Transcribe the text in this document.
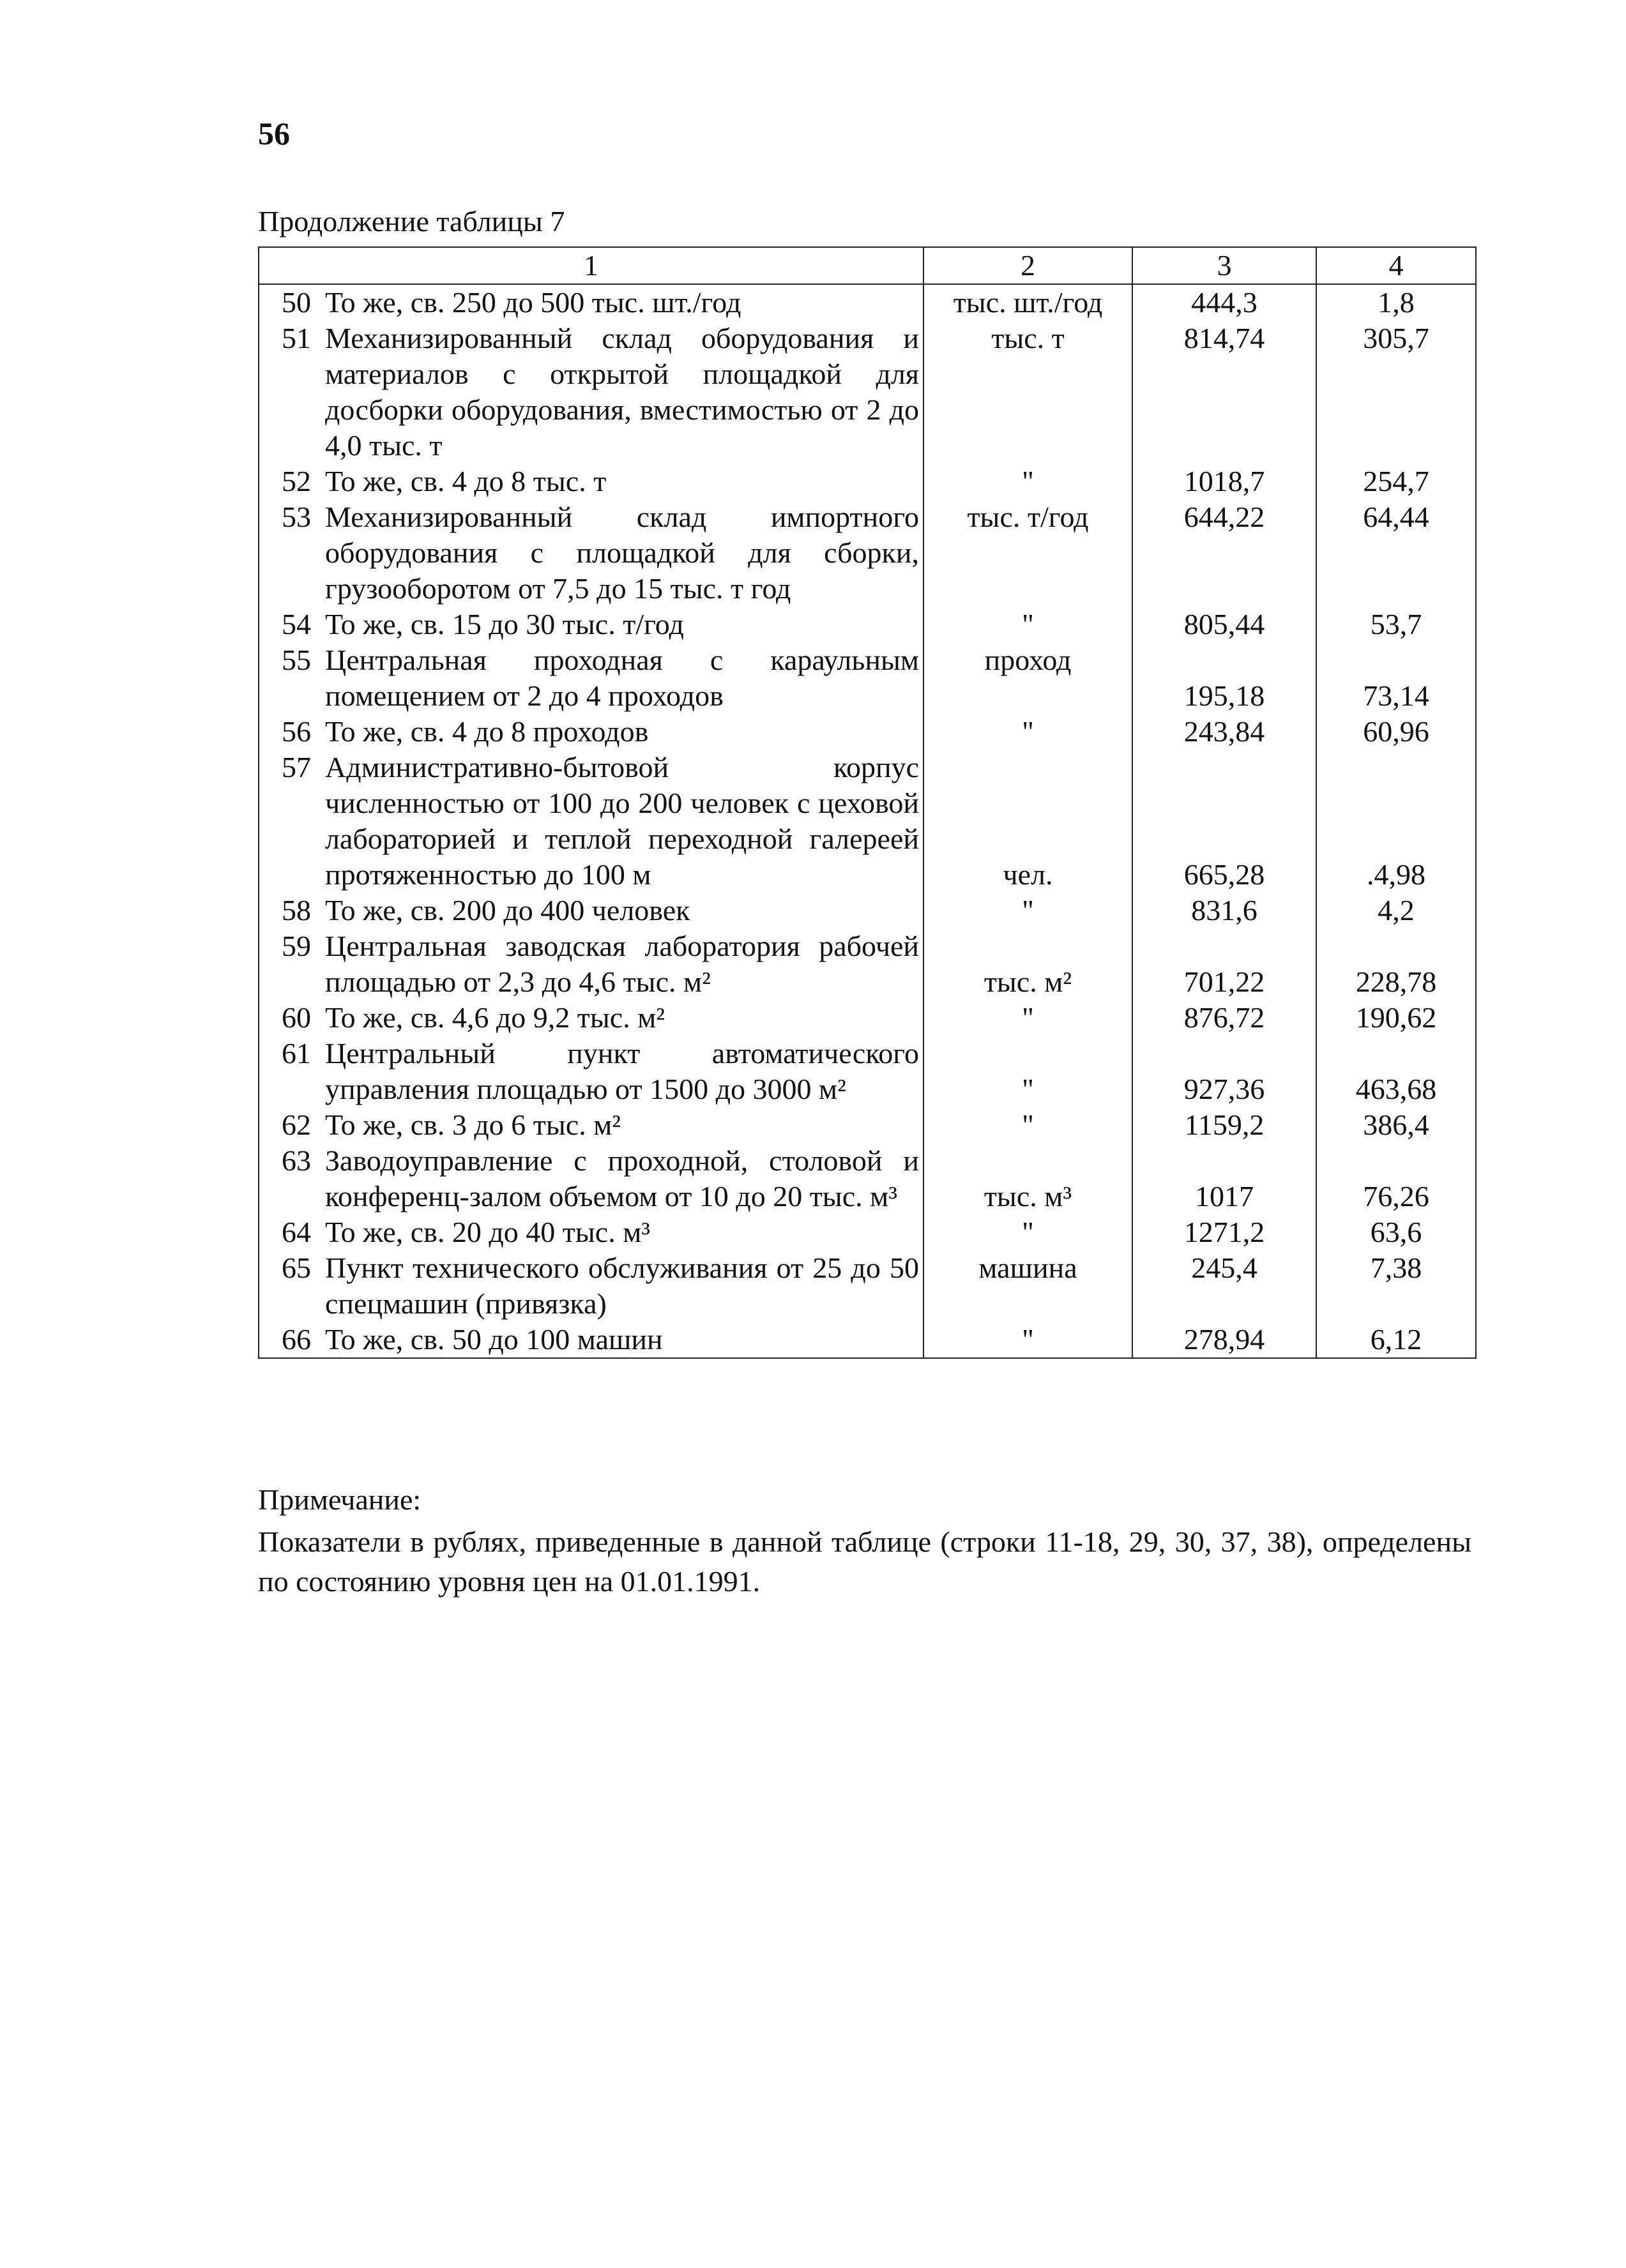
56
Продолжение таблицы 7
1		2	3	4
50	То же, св. 250 до 500 тыс. шт./год	тыс. шт./год	444,3	1,8
51	Механизированный склад оборудования и материалов с открытой площадкой для досборки оборудования, вместимостью от 2 до 4,0 тыс. т	тыс. т	814,74	305,7
52	То же, св. 4 до 8 тыс. т	"	1018,7	254,7
53	Механизированный склад импортного оборудования с площадкой для сборки, грузооборотом от 7,5 до 15 тыс. т год	тыс. т/год	644,22	64,44
54	То же, св. 15 до 30 тыс. т/год	"	805,44	53,7
55	Центральная проходная с караульным помещением от 2 до 4 проходов	проход	195,18	73,14
56	То же, св. 4 до 8 проходов	"	243,84	60,96
57	Административно-бытовой корпус численностью от 100 до 200 человек с цеховой лабораторией и теплой переходной галереей протяженностью до 100 м	чел.	665,28	.4,98
58	То же, св. 200 до 400 человек	"	831,6	4,2
59	Центральная заводская лаборатория рабочей площадью от 2,3 до 4,6 тыс. м²	тыс. м²	701,22	228,78
60	То же, св. 4,6 до 9,2 тыс. м²	"	876,72	190,62
61	Центральный пункт автоматического управления площадью от 1500 до 3000 м²	"	927,36	463,68
62	То же, св. 3 до 6 тыс. м²	"	1159,2	386,4
63	Заводоуправление с проходной, столовой и конференц-залом объемом от 10 до 20 тыс. м³	тыс. м³	1017	76,26
64	То же, св. 20 до 40 тыс. м³	"	1271,2	63,6
65	Пункт технического обслуживания от 25 до 50 спецмашин (привязка)	машина	245,4	7,38
66	То же, св. 50 до 100 машин	"	278,94	6,12
Примечание:
Показатели в рублях, приведенные в данной таблице (строки 11-18, 29, 30, 37, 38), определены по состоянию уровня цен на 01.01.1991.
